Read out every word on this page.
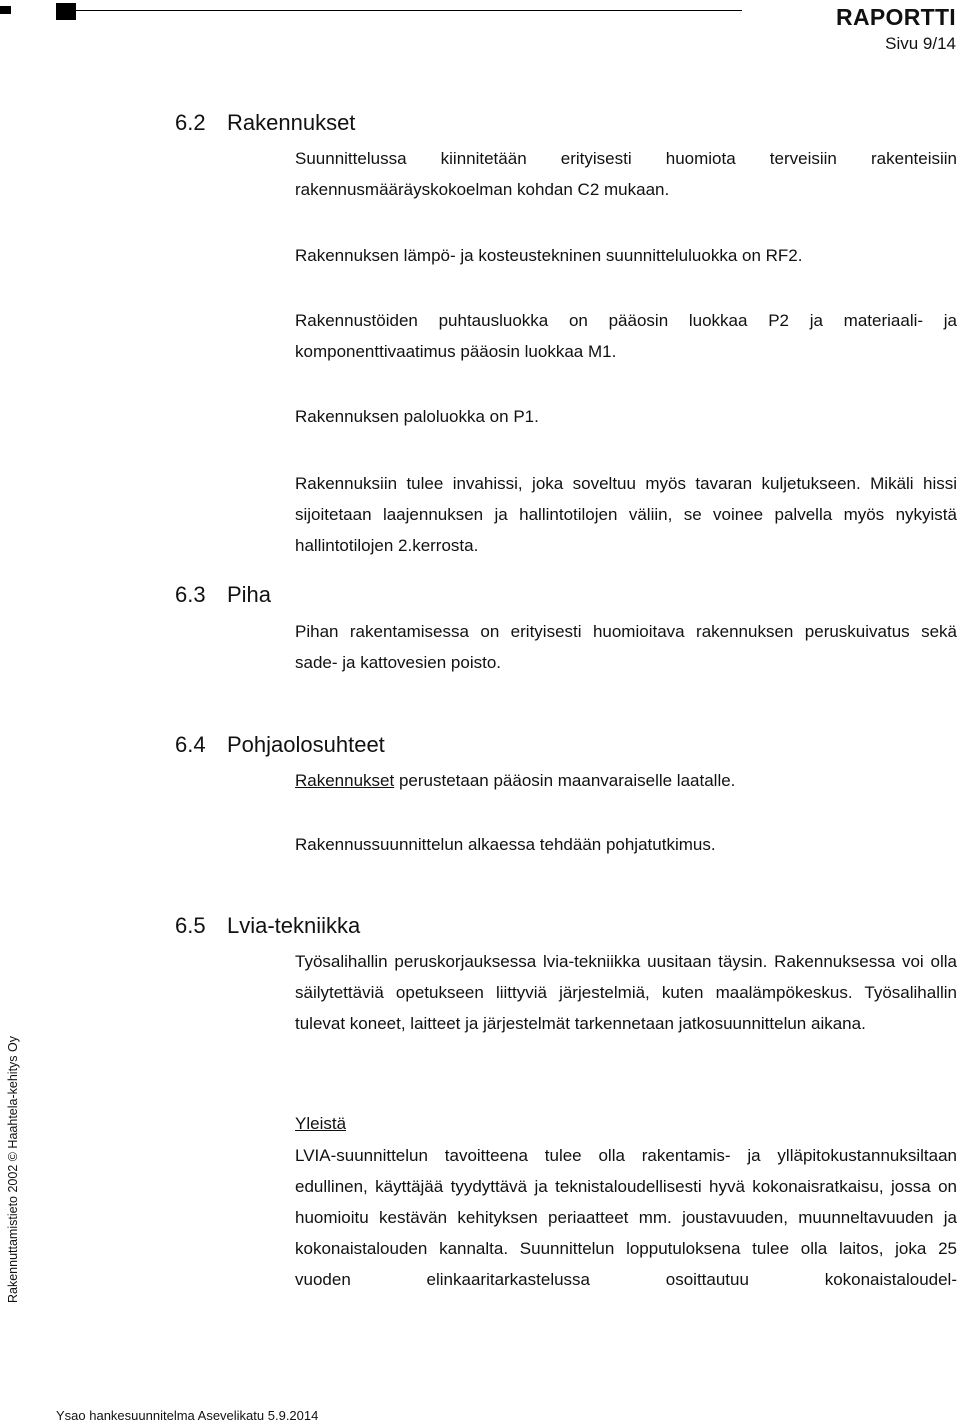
RAPORTTI
Sivu 9/14
6.2 Rakennukset

Suunnittelussa kiinnitetään erityisesti huomiota terveisiin rakenteisiin rakennusmääräyskokoelman kohdan C2 mukaan.

Rakennuksen lämpö- ja kosteustekninen suunnitteluluokka on RF2.

Rakennustöiden puhtausluokka on pääosin luokkaa P2 ja materiaali- ja komponenttivaatimus pääosin luokkaa M1.

Rakennuksen paloluokka on P1.

Rakennuksiin tulee invahissi, joka soveltuu myös tavaran kuljetukseen. Mikäli hissi sijoitetaan laajennuksen ja hallintotilojen väliin, se voinee palvella myös nykyistä hallintotilojen 2.kerrosta.

6.3 Piha

Pihan rakentamisessa on erityisesti huomioitava rakennuksen peruskuivatus sekä sade- ja kattovesien poisto.

6.4 Pohjaolosuhteet

Rakennukset perustetaan pääosin maanvaraiselle laatalle.

Rakennussuunnittelun alkaessa tehdään pohjatutkimus.

6.5 Lvia-tekniikka

Työsalihallin peruskorjauksessa lvia-tekniikka uusitaan täysin. Rakennuksessa voi olla säilytettäviä opetukseen liittyviä järjestelmiä, kuten maalämpökeskus. Työsalihallin tulevat koneet, laitteet ja järjestelmät tarkennetaan jatkosuunnittelun aikana.

Yleistä

LVIA-suunnittelun tavoitteena tulee olla rakentamis- ja ylläpitokustannuksiltaan edullinen, käyttäjää tyydyttävä ja teknistaloudellisesti hyvä kokonaisratkaisu, jossa on huomioitu kestävän kehityksen periaatteet mm. joustavuuden, muunneltavuuden ja kokonaistalouden kannalta. Suunnittelun lopputuloksena tulee olla laitos, joka 25 vuoden elinkaaritarkastelussa osoittautuu kokonaistaloudel-

Rakennuttamistieto 2002 © Haahtela-kehitys Oy
Ysao hankesuunnitelma Asevelikatu 5.9.2014
